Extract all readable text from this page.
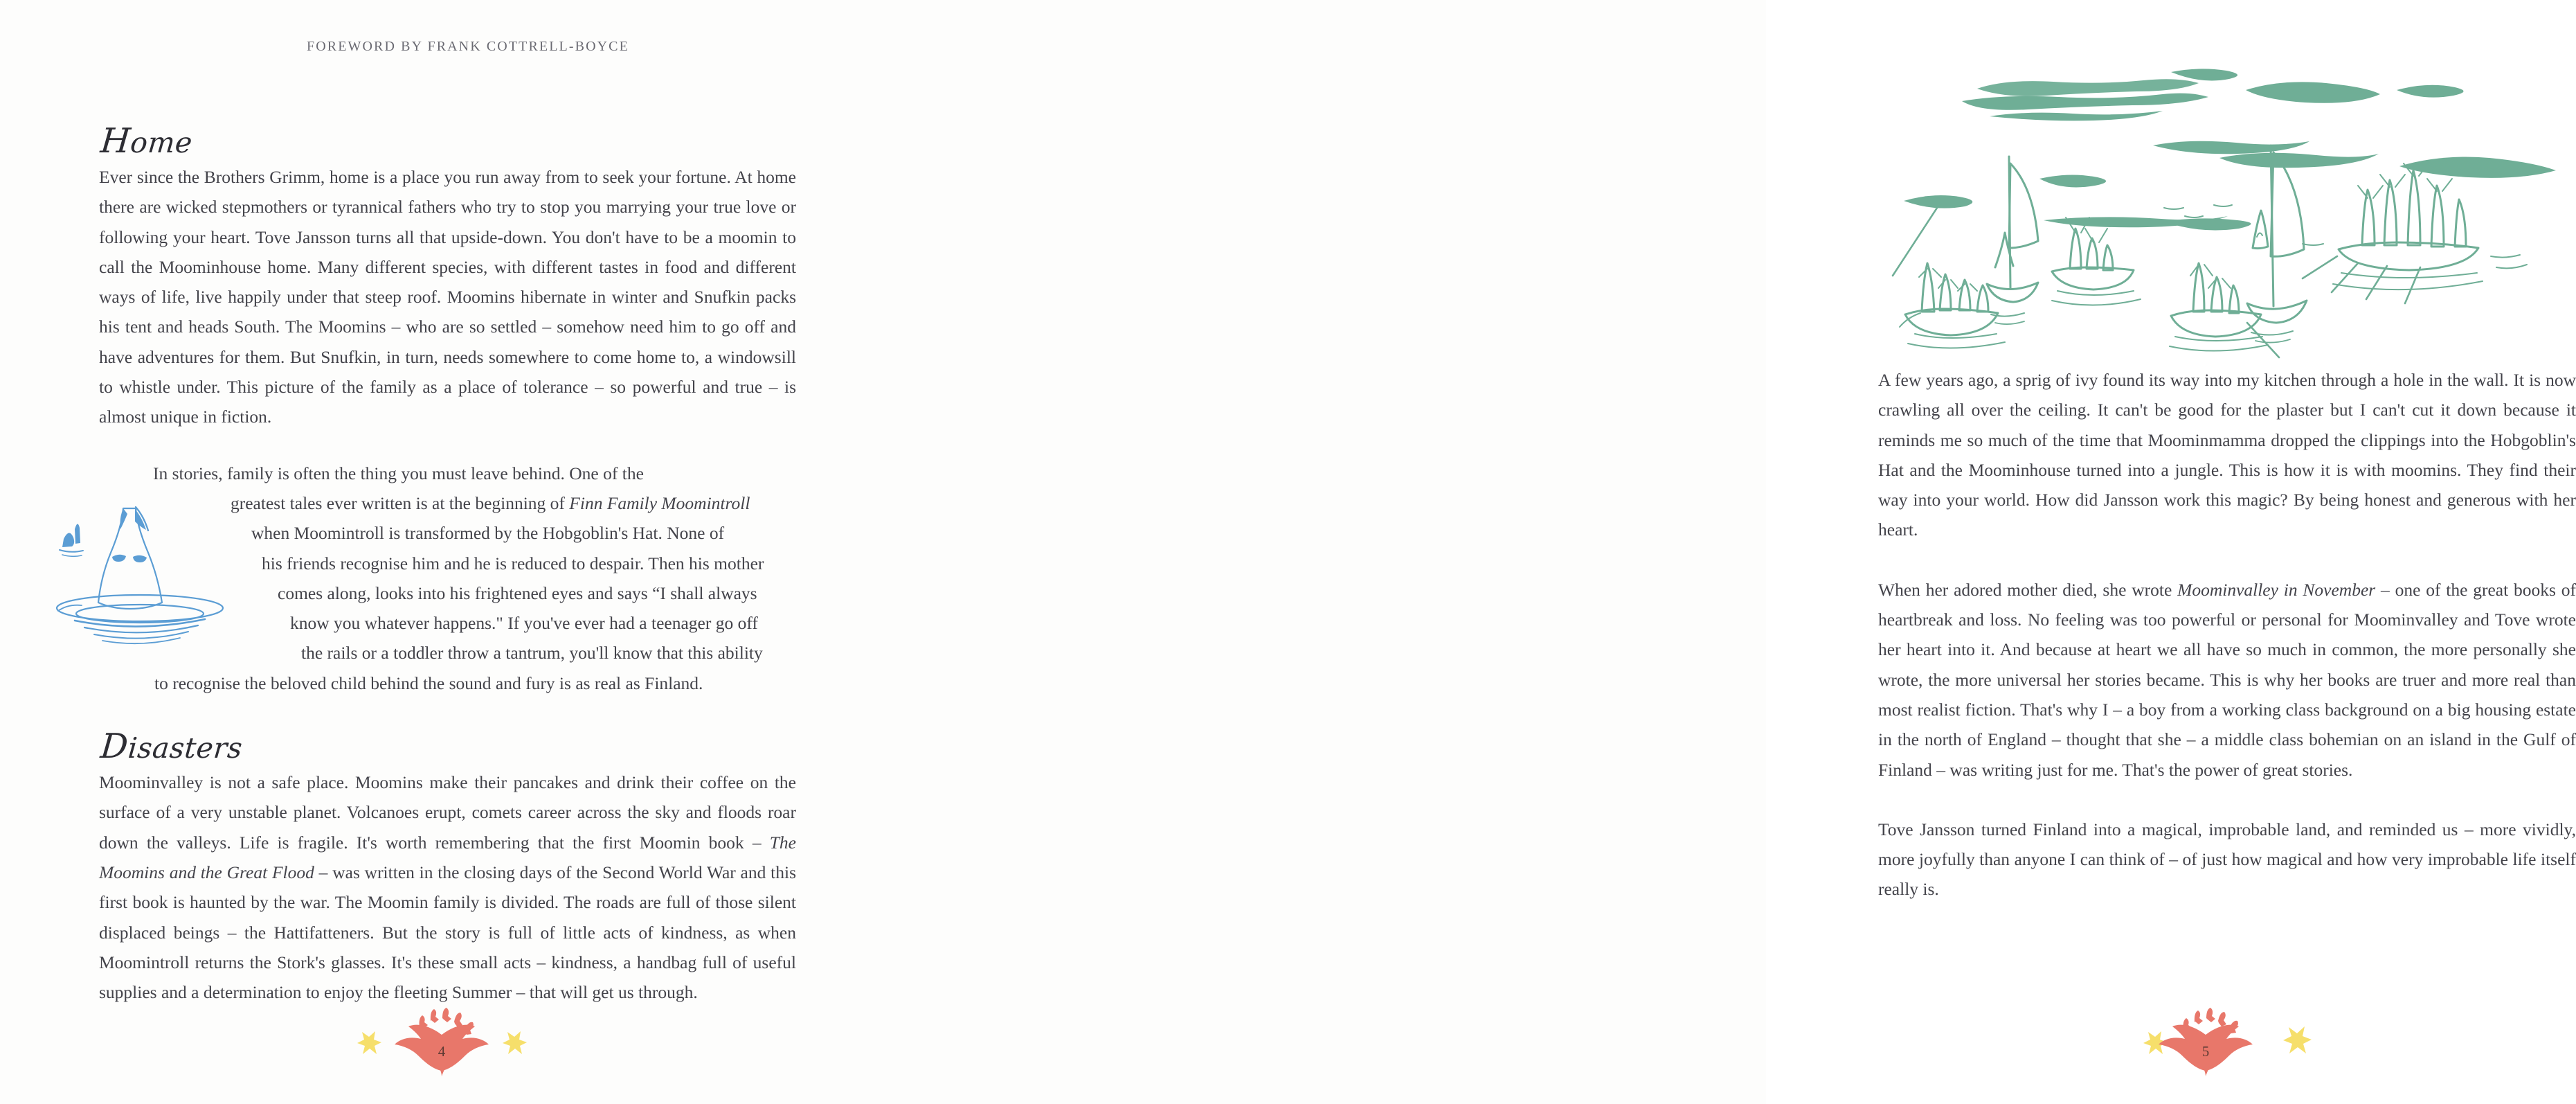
FOREWORD BY FRANK COTTRELL-BOYCE
Home

Ever since the Brothers Grimm, home is a place you run away from to seek your fortune. At home there are wicked stepmothers or tyrannical fathers who try to stop you marrying your true love or following your heart. Tove Jansson turns all that upside-down. You don't have to be a moomin to call the Moominhouse home. Many different species, with different tastes in food and different ways of life, live happily under that steep roof. Moomins hibernate in winter and Snufkin packs his tent and heads South. The Moomins – who are so settled – somehow need him to go off and have adventures for them. But Snufkin, in turn, needs somewhere to come home to, a windowsill to whistle under. This picture of the family as a place of tolerance – so powerful and true – is almost unique in fiction.

In stories, family is often the thing you must leave behind. One of the
greatest tales ever written is at the beginning of Finn Family Moomintroll
when Moomintroll is transformed by the Hobgoblin's Hat. None of
his friends recognise him and he is reduced to despair. Then his mother
comes along, looks into his frightened eyes and says “I shall always
know you whatever happens." If you've ever had a teenager go off
the rails or a toddler throw a tantrum, you'll know that this ability
to recognise the beloved child behind the sound and fury is as real as Finland.
Disasters

Moominvalley is not a safe place. Moomins make their pancakes and drink their coffee on the surface of a very unstable planet. Volcanoes erupt, comets career across the sky and floods roar down the valleys. Life is fragile. It's worth remembering that the first Moomin book – The Moomins and the Great Flood – was written in the closing days of the Second World War and this first book is haunted by the war. The Moomin family is divided. The roads are full of those silent displaced beings – the Hattifatteners. But the story is full of little acts of kindness, as when Moomintroll returns the Stork's glasses. It's these small acts – kindness, a handbag full of useful supplies and a determination to enjoy the fleeting Summer – that will get us through.

4

A few years ago, a sprig of ivy found its way into my kitchen through a hole in the wall. It is now crawling all over the ceiling. It can't be good for the plaster but I can't cut it down because it reminds me so much of the time that Moominmamma dropped the clippings into the Hobgoblin's Hat and the Moominhouse turned into a jungle. This is how it is with moomins. They find their way into your world. How did Jansson work this magic? By being honest and generous with her heart.

When her adored mother died, she wrote Moominvalley in November – one of the great books of heartbreak and loss. No feeling was too powerful or personal for Moominvalley and Tove wrote her heart into it. And because at heart we all have so much in common, the more personally she wrote, the more universal her stories became. This is why her books are truer and more real than most realist fiction. That's why I – a boy from a working class background on a big housing estate in the north of England – thought that she – a middle class bohemian on an island in the Gulf of Finland – was writing just for me. That's the power of great stories.

Tove Jansson turned Finland into a magical, improbable land, and reminded us – more vividly, more joyfully than anyone I can think of – of just how magical and how very improbable life itself really is.

5
